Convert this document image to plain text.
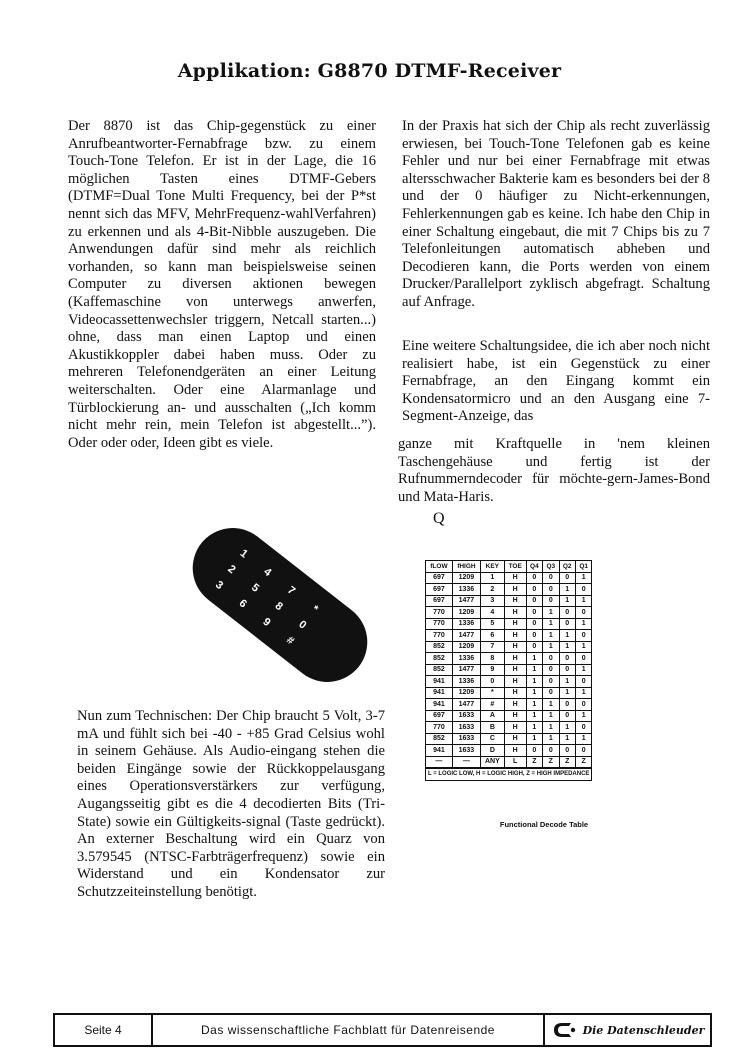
Applikation: G8870 DTMF-Receiver

Der 8870 ist das Chip-gegenstück zu einer Anrufbeantworter-Fernabfrage bzw. zu einem Touch-Tone Telefon. Er ist in der Lage, die 16 möglichen Tasten eines DTMF-Gebers (DTMF=Dual Tone Multi Frequency, bei der P*st nennt sich das MFV, MehrFrequenz-wahlVerfahren) zu erkennen und als 4-Bit-Nibble auszugeben. Die Anwendungen dafür sind mehr als reichlich vorhanden, so kann man beispielsweise seinen Computer zu diversen aktionen bewegen (Kaffemaschine von unterwegs anwerfen, Videocassettenwechsler triggern, Netcall starten...) ohne, dass man einen Laptop und einen Akustikkoppler dabei haben muss. Oder zu mehreren Telefonendgeräten an einer Leitung weiterschalten. Oder eine Alarmanlage und Türblockierung an- und ausschalten („Ich komm nicht mehr rein, mein Telefon ist abgestellt...”). Oder oder oder, Ideen gibt es viele.

In der Praxis hat sich der Chip als recht zuverlässig erwiesen, bei Touch-Tone Telefonen gab es keine Fehler und nur bei einer Fernabfrage mit etwas altersschwacher Bakterie kam es besonders bei der 8 und der 0 häufiger zu Nicht-erkennungen, Fehlerkennungen gab es keine. Ich habe den Chip in einer Schaltung eingebaut, die mit 7 Chips bis zu 7 Telefonleitungen automatisch abheben und Decodieren kann, die Ports werden von einem Drucker/Parallelport zyklisch abgefragt. Schaltung auf Anfrage.

Eine weitere Schaltungsidee, die ich aber noch nicht realisiert habe, ist ein Gegenstück zu einer Fernabfrage, an den Eingang kommt ein Kondensatormicro und an den Ausgang eine 7-Segment-Anzeige, das

ganze mit Kraftquelle in 'nem kleinen Taschengehäuse und fertig ist der Rufnummerndecoder für möchte-gern-James-Bond und Mata-Haris.

Q
1
2
3
4
5
6
7
8
9
*
0
#

Nun zum Technischen: Der Chip braucht 5 Volt, 3-7 mA und fühlt sich bei -40 - +85 Grad Celsius wohl in seinem Gehäuse. Als Audio-eingang stehen die beiden Eingänge sowie der Rückkoppelausgang eines Operationsverstärkers zur verfügung, Augangsseitig gibt es die 4 decodierten Bits (Tri-State) sowie ein Gültigkeits-signal (Taste gedrückt). An externer Beschaltung wird ein Quarz von 3.579545 (NTSC-Farbträgerfrequenz) sowie ein Widerstand und ein Kondensator zur Schutzzeiteinstellung benötigt.

fLOW	fHIGH	KEY	TOE	Q4	Q3	Q2	Q1
697	1209	1	H	0	0	0	1
697	1336	2	H	0	0	1	0
697	1477	3	H	0	0	1	1
770	1209	4	H	0	1	0	0
770	1336	5	H	0	1	0	1
770	1477	6	H	0	1	1	0
852	1209	7	H	0	1	1	1
852	1336	8	H	1	0	0	0
852	1477	9	H	1	0	0	1
941	1336	0	H	1	0	1	0
941	1209	*	H	1	0	1	1
941	1477	#	H	1	1	0	0
697	1633	A	H	1	1	0	1
770	1633	B	H	1	1	1	0
852	1633	C	H	1	1	1	1
941	1633	D	H	0	0	0	0
—	—	ANY	L	Z	Z	Z	Z
L = LOGIC LOW, H = LOGIC HIGH, Z = HIGH IMPEDANCE							
Functional Decode Table
Seite 4	Das wissenschaftliche Fachblatt für Datenreisende	Die Datenschleuder
